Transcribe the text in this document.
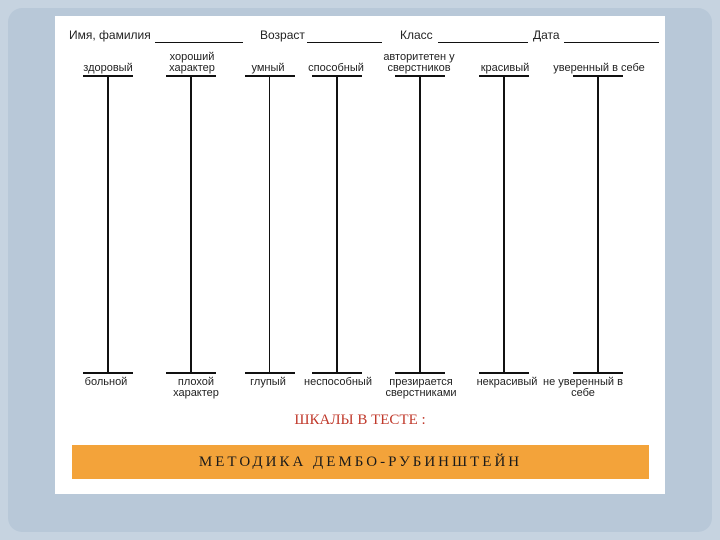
Имя, фамилия	Возраст	Класс	Дата
здоровый
больной
хороший характер
плохой характер
умный
глупый
способный
неспособный
авторитетен у сверстников
презирается сверстниками
красивый
некрасивый
уверенный в себе
не уверенный в себе
ШКАЛЫ В ТЕСТЕ :
МЕТОДИКА ДЕМБО-РУБИНШТЕЙН
